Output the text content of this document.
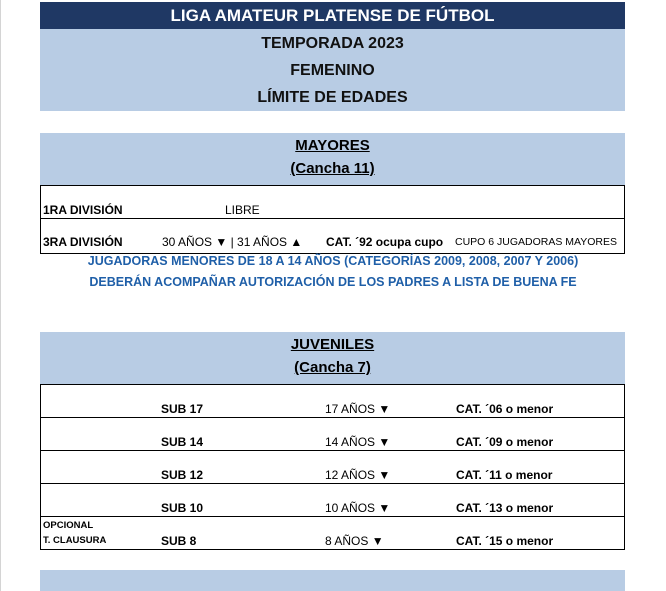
LIGA AMATEUR PLATENSE DE FÚTBOL
TEMPORADA 2023
FEMENINO
LÍMITE DE EDADES
MAYORES
(Cancha 11)
1RA DIVISIÓN	LIBRE
3RA DIVISIÓN	30 AÑOS ▼ | 31 AÑOS ▲ CAT. ´92 ocupa cupo CUPO 6 JUGADORAS MAYORES
JUGADORAS MENORES DE 18 A 14 AÑOS (CATEGORÍAS 2009, 2008, 2007 Y 2006)
DEBERÁN ACOMPAÑAR AUTORIZACIÓN DE LOS PADRES A LISTA DE BUENA FE
JUVENILES
(Cancha 7)
SUB 17	17 AÑOS ▼	CAT. ´06 o menor
SUB 14	14 AÑOS ▼	CAT. ´09 o menor
SUB 12	12 AÑOS ▼	CAT. ´11 o menor
SUB 10	10 AÑOS ▼	CAT. ´13 o menor
OPCIONAL
T. CLAUSURA	SUB 8	8 AÑOS ▼	CAT. ´15 o menor
